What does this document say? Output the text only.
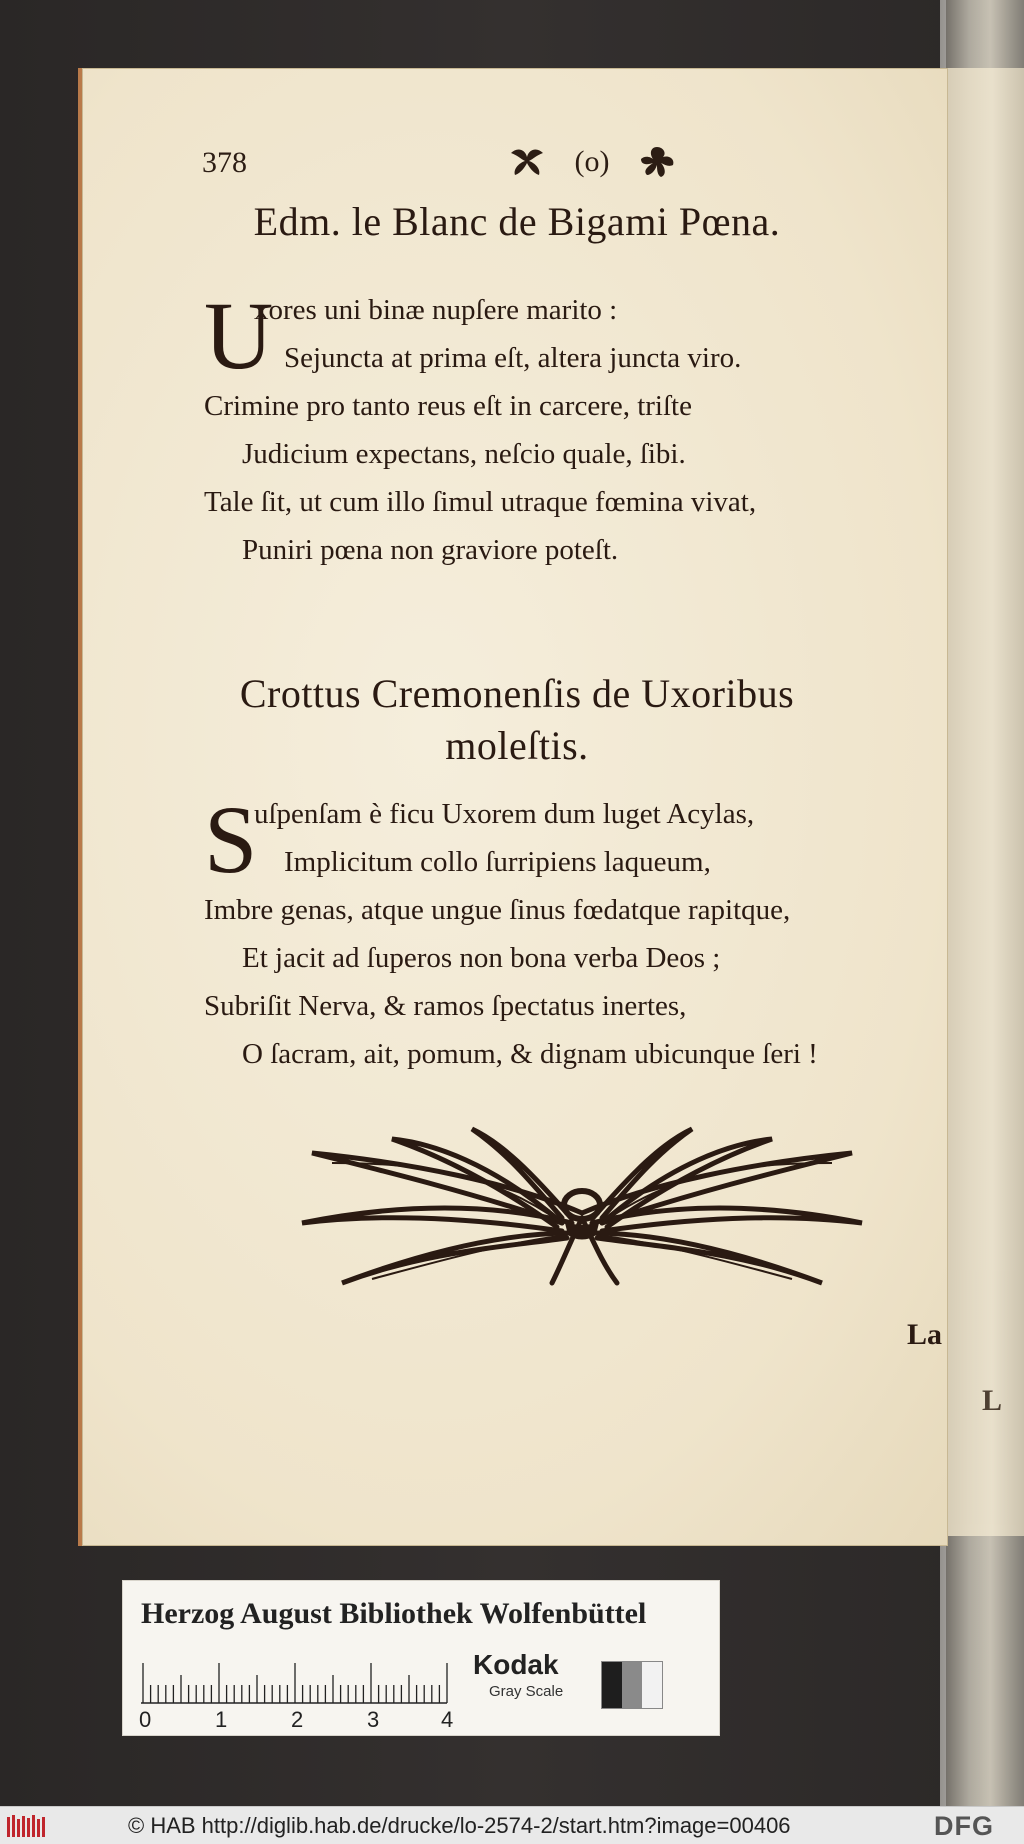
L
378	(o)
Edm. le Blanc de Bigami Pœna.
U
xores uni binæ nupſere marito :
Sejuncta at prima eſt, altera juncta viro.
Crimine pro tanto reus eſt in carcere, triſte
Judicium expectans, neſcio quale, ſibi.
Tale ſit, ut cum illo ſimul utraque fœmina vivat,
Puniri pœna non graviore poteſt.
Crottus Cremonenſis de Uxoribus
moleſtis.
S
uſpenſam è ficu Uxorem dum luget Acylas,
Implicitum collo ſurripiens laqueum,
Imbre genas, atque ungue ſinus fœdatque rapitque,
Et jacit ad ſuperos non bona verba Deos ;
Subriſit Nerva, & ramos ſpectatus inertes,
O ſacram, ait, pomum, & dignam ubicunque ſeri !
La
Herzog August Bibliothek Wolfenbüttel
0	1	2	3	4
Kodak
Gray Scale
© HAB http://diglib.hab.de/drucke/lo-2574-2/start.htm?image=00406	DFG
